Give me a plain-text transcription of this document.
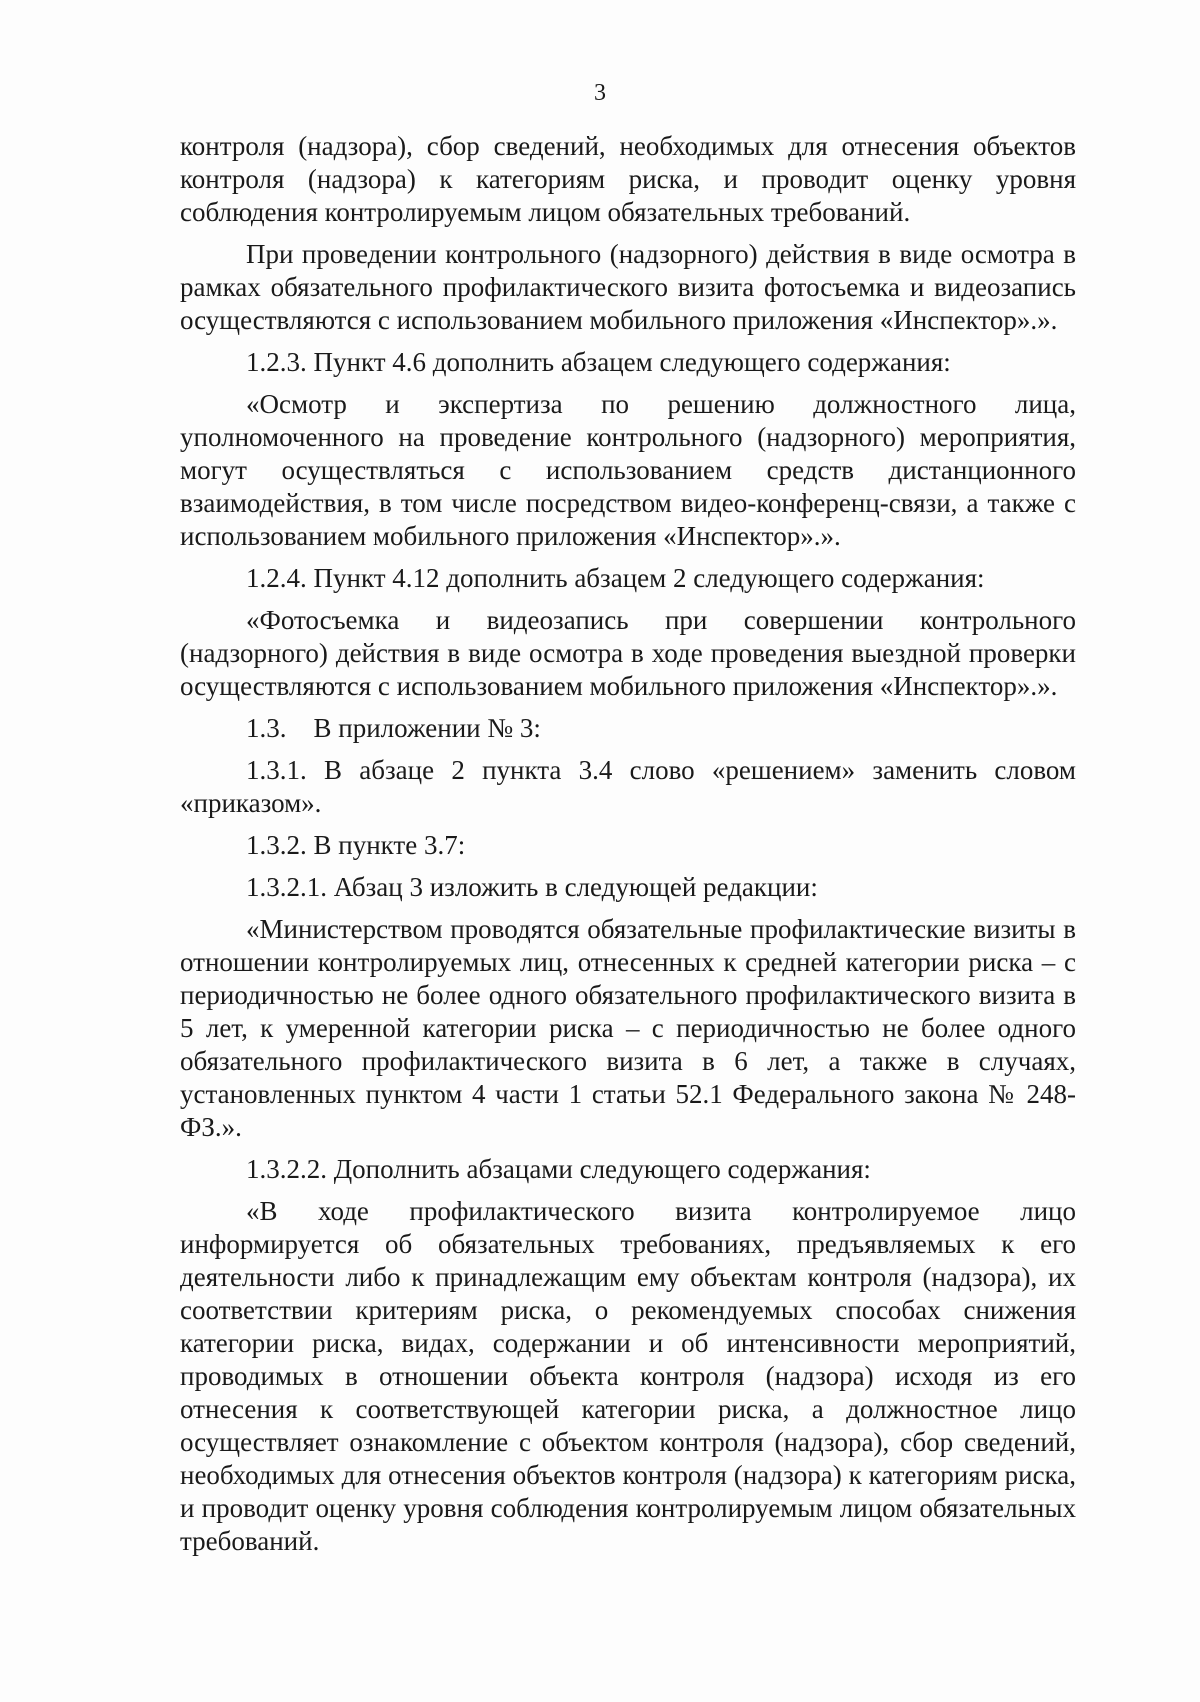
3

контроля (надзора), сбор сведений, необходимых для отнесения объектов контроля (надзора) к категориям риска, и проводит оценку уровня соблюдения контролируемым лицом обязательных требований.

При проведении контрольного (надзорного) действия в виде осмотра в рамках обязательного профилактического визита фотосъемка и видеозапись осуществляются с использованием мобильного приложения «Инспектор».».

1.2.3. Пункт 4.6 дополнить абзацем следующего содержания:

«Осмотр и экспертиза по решению должностного лица, уполномоченного на проведение контрольного (надзорного) мероприятия, могут осуществляться с использованием средств дистанционного взаимодействия, в том числе посредством видео-конференц-связи, а также с использованием мобильного приложения «Инспектор».».

1.2.4. Пункт 4.12 дополнить абзацем 2 следующего содержания:

«Фотосъемка и видеозапись при совершении контрольного (надзорного) действия в виде осмотра в ходе проведения выездной проверки осуществляются с использованием мобильного приложения «Инспектор».».

1.3.    В приложении № 3:

1.3.1. В абзаце 2 пункта 3.4 слово «решением» заменить словом «приказом».

1.3.2. В пункте 3.7:

1.3.2.1. Абзац 3 изложить в следующей редакции:

«Министерством проводятся обязательные профилактические визиты в отношении контролируемых лиц, отнесенных к средней категории риска – с периодичностью не более одного обязательного профилактического визита в 5 лет, к умеренной категории риска – с периодичностью не более одного обязательного профилактического визита в 6 лет, а также в случаях, установленных пунктом 4 части 1 статьи 52.1 Федерального закона № 248-ФЗ.».

1.3.2.2. Дополнить абзацами следующего содержания:

«В ходе профилактического визита контролируемое лицо информируется об обязательных требованиях, предъявляемых к его деятельности либо к принадлежащим ему объектам контроля (надзора), их соответствии критериям риска, о рекомендуемых способах снижения категории риска, видах, содержании и об интенсивности мероприятий, проводимых в отношении объекта контроля (надзора) исходя из его отнесения к соответствующей категории риска, а должностное лицо осуществляет ознакомление с объектом контроля (надзора), сбор сведений, необходимых для отнесения объектов контроля (надзора) к категориям риска, и проводит оценку уровня соблюдения контролируемым лицом обязательных требований.
